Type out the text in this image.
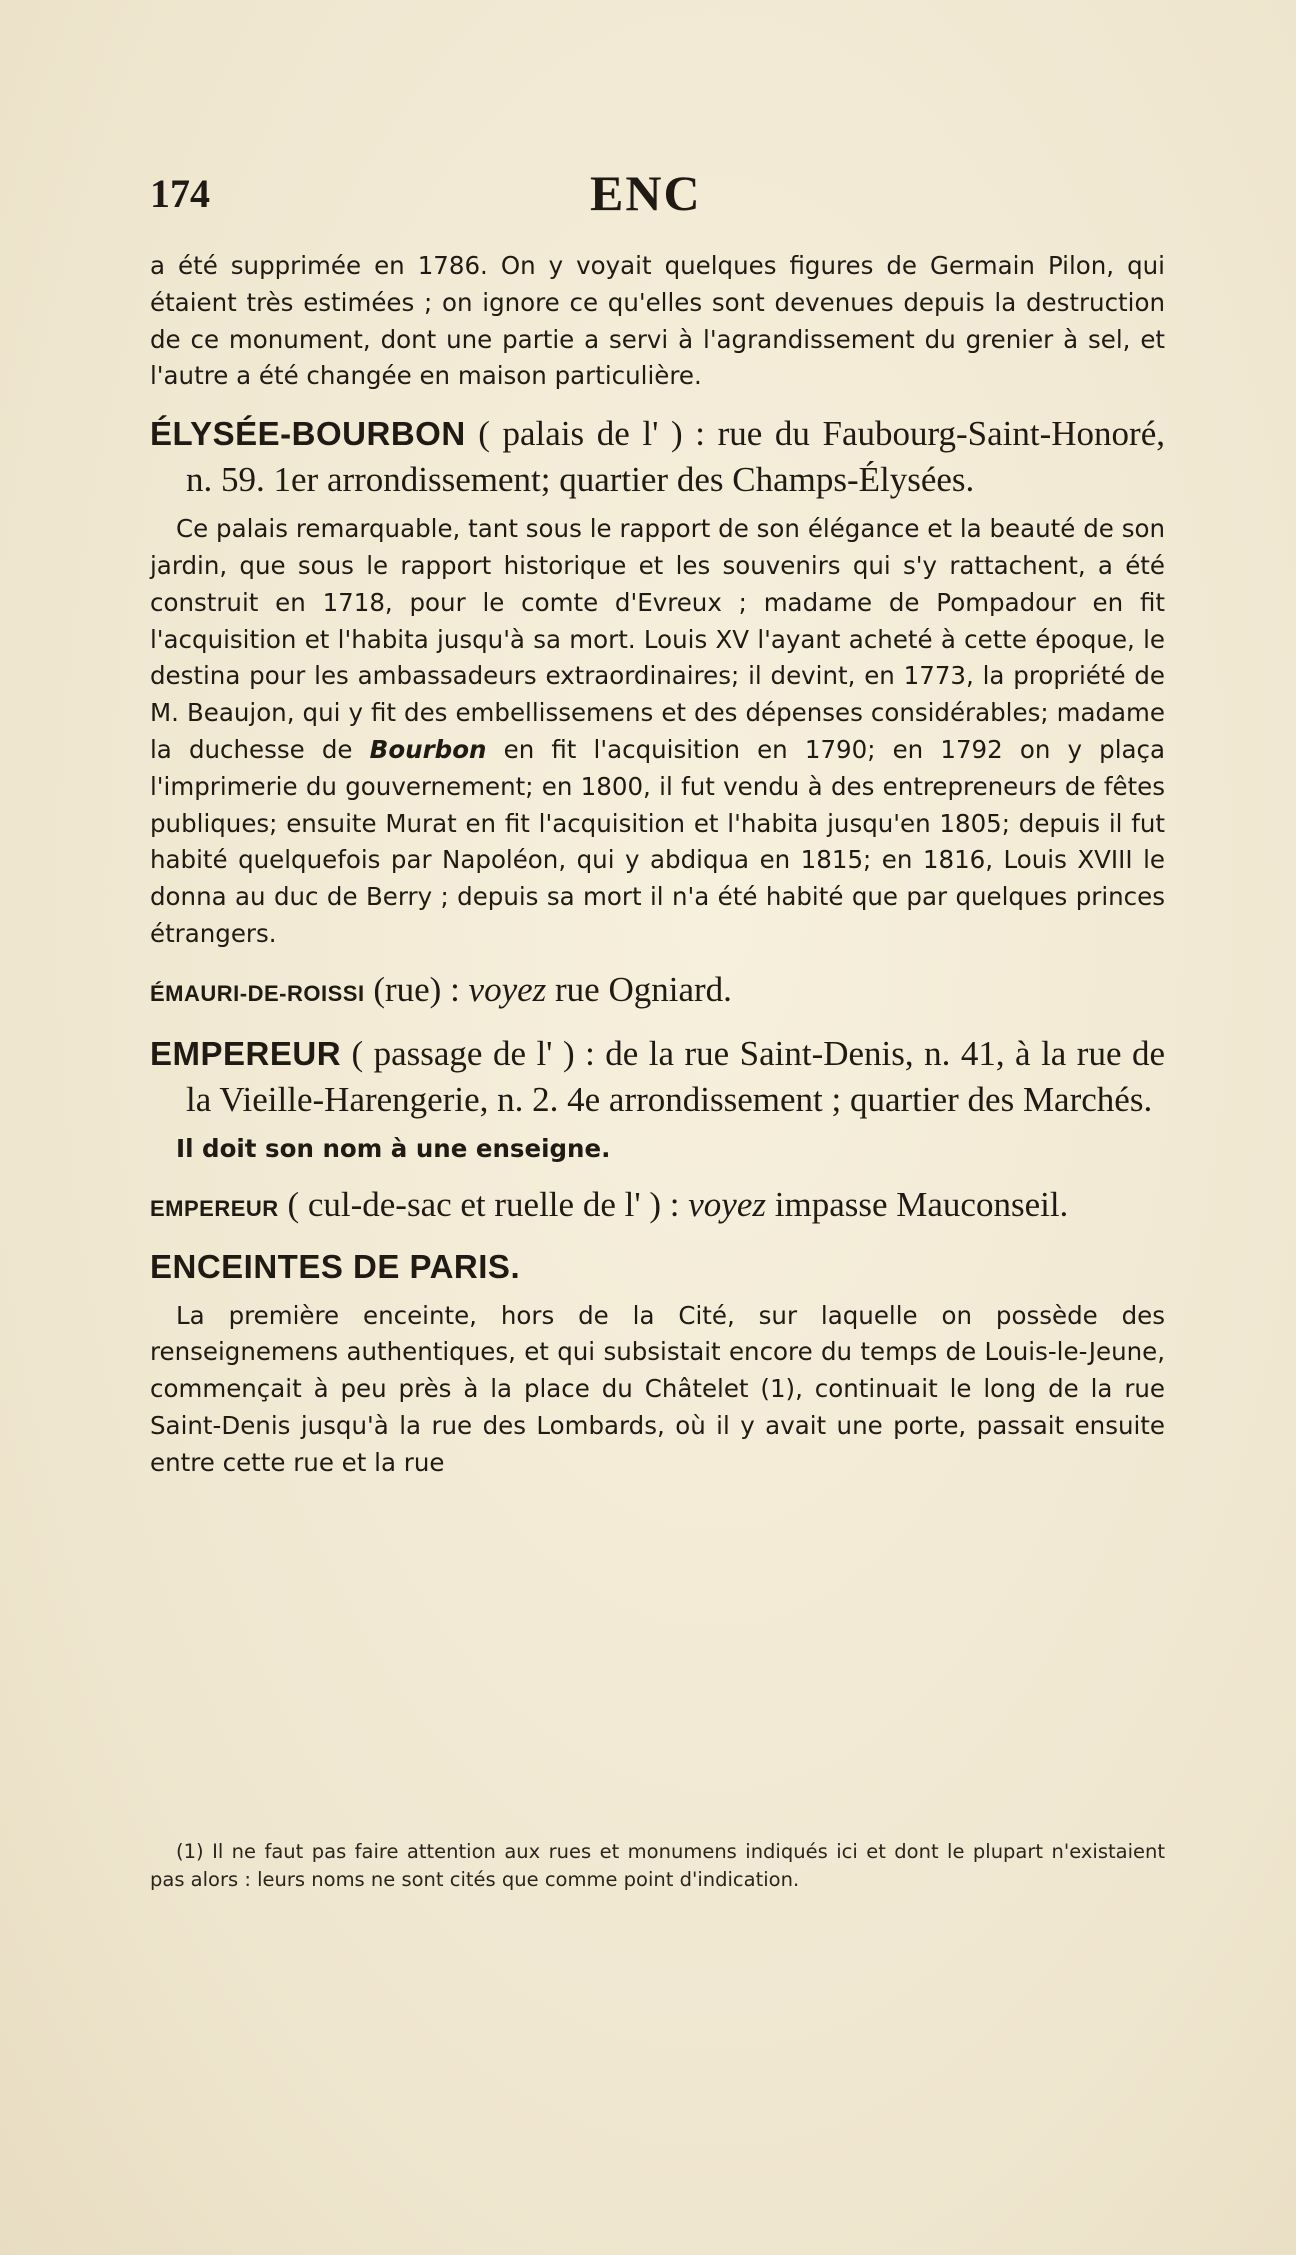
174	ENC

a été supprimée en 1786. On y voyait quelques figures de Germain Pilon, qui étaient très estimées ; on ignore ce qu'elles sont devenues depuis la destruction de ce monument, dont une partie a servi à l'agrandissement du grenier à sel, et l'autre a été changée en maison particulière.

ÉLYSÉE-BOURBON ( palais de l' ) : rue du Faubourg-Saint-Honoré, n. 59. 1er arrondissement; quartier des Champs-Élysées.

Ce palais remarquable, tant sous le rapport de son élégance et la beauté de son jardin, que sous le rapport historique et les souvenirs qui s'y rattachent, a été construit en 1718, pour le comte d'Evreux ; madame de Pompadour en fit l'acquisition et l'habita jusqu'à sa mort. Louis XV l'ayant acheté à cette époque, le destina pour les ambassadeurs extraordinaires; il devint, en 1773, la propriété de M. Beaujon, qui y fit des embellissemens et des dépenses considérables; madame la duchesse de Bourbon en fit l'acquisition en 1790; en 1792 on y plaça l'imprimerie du gouvernement; en 1800, il fut vendu à des entrepreneurs de fêtes publiques; ensuite Murat en fit l'acquisition et l'habita jusqu'en 1805; depuis il fut habité quelquefois par Napoléon, qui y abdiqua en 1815; en 1816, Louis XVIII le donna au duc de Berry ; depuis sa mort il n'a été habité que par quelques princes étrangers.

ÉMAURI-DE-ROISSI (rue) : voyez rue Ogniard.

EMPEREUR ( passage de l' ) : de la rue Saint-Denis, n. 41, à la rue de la Vieille-Harengerie, n. 2. 4e arrondissement ; quartier des Marchés.

Il doit son nom à une enseigne.

EMPEREUR ( cul-de-sac et ruelle de l' ) : voyez impasse Mauconseil.

ENCEINTES DE PARIS.

La première enceinte, hors de la Cité, sur laquelle on possède des renseignemens authentiques, et qui subsistait encore du temps de Louis-le-Jeune, commençait à peu près à la place du Châtelet (1), continuait le long de la rue Saint-Denis jusqu'à la rue des Lombards, où il y avait une porte, passait ensuite entre cette rue et la rue

(1) Il ne faut pas faire attention aux rues et monumens indiqués ici et dont le plupart n'existaient pas alors : leurs noms ne sont cités que comme point d'indication.
